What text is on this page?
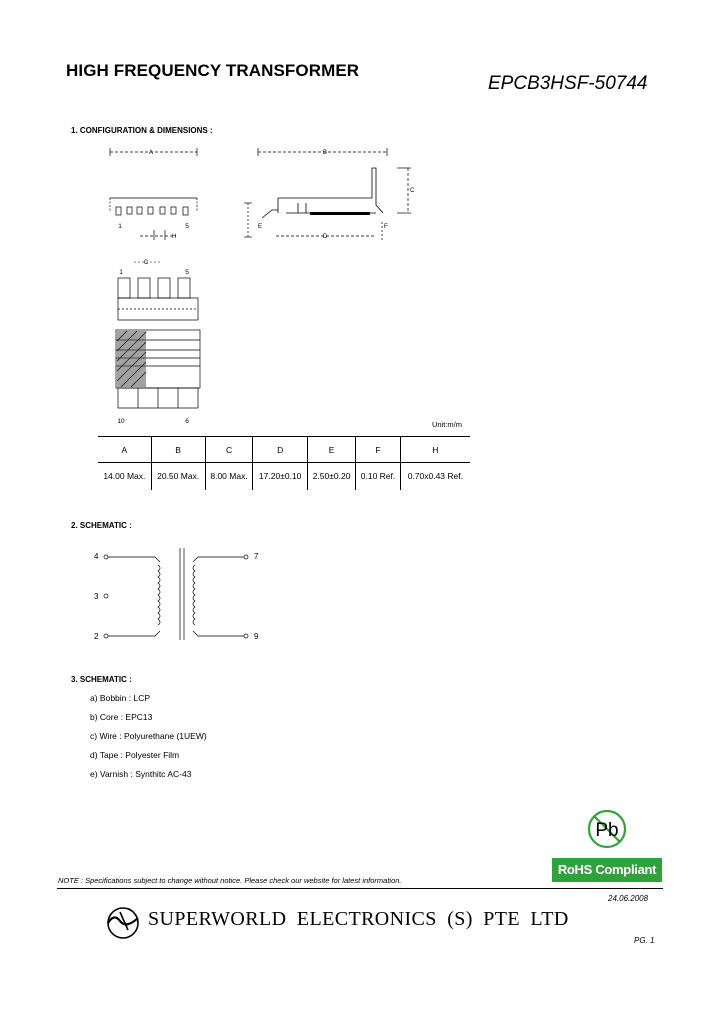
HIGH FREQUENCY TRANSFORMER
EPCB3HSF-50744
1. CONFIGURATION & DIMENSIONS :
A
1	5
H
B
C
E	F
D
1	5
C
10	6
4
3
2
7
9
Pb
Unit:m/m
A	B	C	D	E	F	H
14.00 Max.	20.50 Max.	8.00 Max.	17.20±0.10	2.50±0.20	0.10 Ref.	0.70x0.43 Ref.
2. SCHEMATIC :
3. SCHEMATIC :
a) Bobbin : LCP
b) Core : EPC13
c) Wire : Polyurethane (1UEW)
d) Tape : Polyester Film
e) Varnish : Synthitc AC-43
RoHS Compliant
NOTE : Specifications subject to change without notice. Please check our website for latest information.
24.06.2008
SUPERWORLD ELECTRONICS (S) PTE LTD
PG. 1
